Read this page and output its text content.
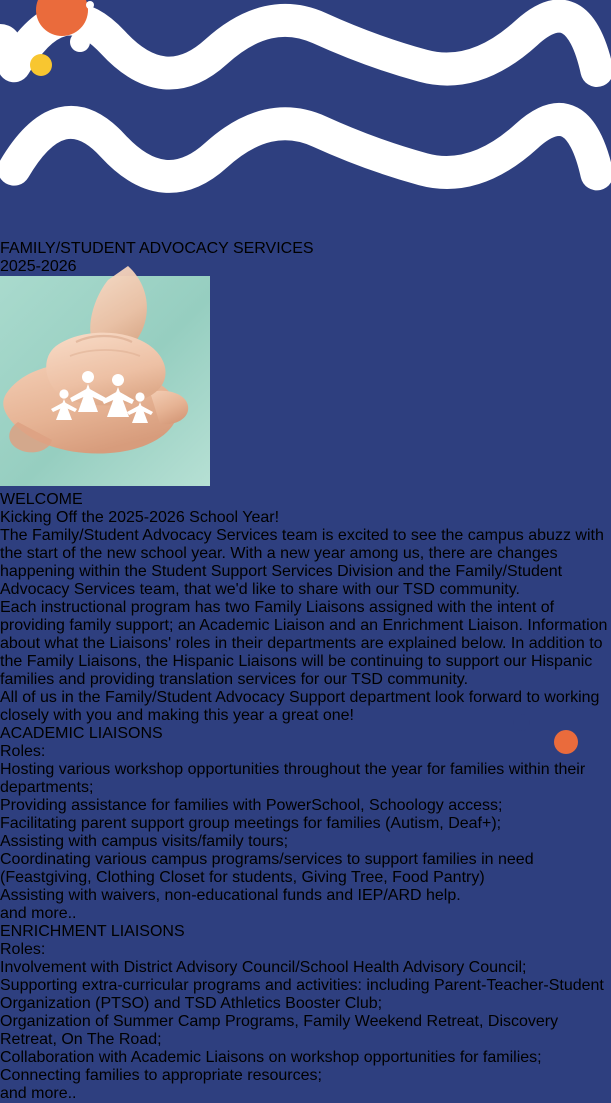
FAMILY/STUDENT ADVOCACY SERVICES
2025-2026
WELCOME
Kicking Off the 2025-2026 School Year!

The Family/Student Advocacy Services team is excited to see the campus abuzz with the start of the new school year. With a new year among us, there are changes happening within the Student Support Services Division and the Family/Student Advocacy Services team, that we'd like to share with our TSD community.

Each instructional program has two Family Liaisons assigned with the intent of providing family support; an Academic Liaison and an Enrichment Liaison. Information about what the Liaisons' roles in their departments are explained below. In addition to the Family Liaisons, the Hispanic Liaisons will be continuing to support our Hispanic families and providing translation services for our TSD community.

All of us in the Family/Student Advocacy Support department look forward to working closely with you and making this year a great one!

ACADEMIC LIAISONS
Roles:
• Hosting various workshop opportunities throughout the year for families within their departments;
• Providing assistance for families with PowerSchool, Schoology access;
• Facilitating parent support group meetings for families (Autism, Deaf+);
• Assisting with campus visits/family tours;
• Coordinating various campus programs/services to support families in need (Feastgiving, Clothing Closet for students, Giving Tree, Food Pantry)
• Assisting with waivers, non-educational funds and IEP/ARD help.
• and more..
ENRICHMENT LIAISONS
Roles:
• Involvement with District Advisory Council/School Health Advisory Council;
• Supporting extra-curricular programs and activities: including Parent-Teacher-Student Organization (PTSO) and TSD Athletics Booster Club;
• Organization of Summer Camp Programs, Family Weekend Retreat, Discovery Retreat, On The Road;
• Collaboration with Academic Liaisons on workshop opportunities for families;
• Connecting families to appropriate resources;
• and more..
